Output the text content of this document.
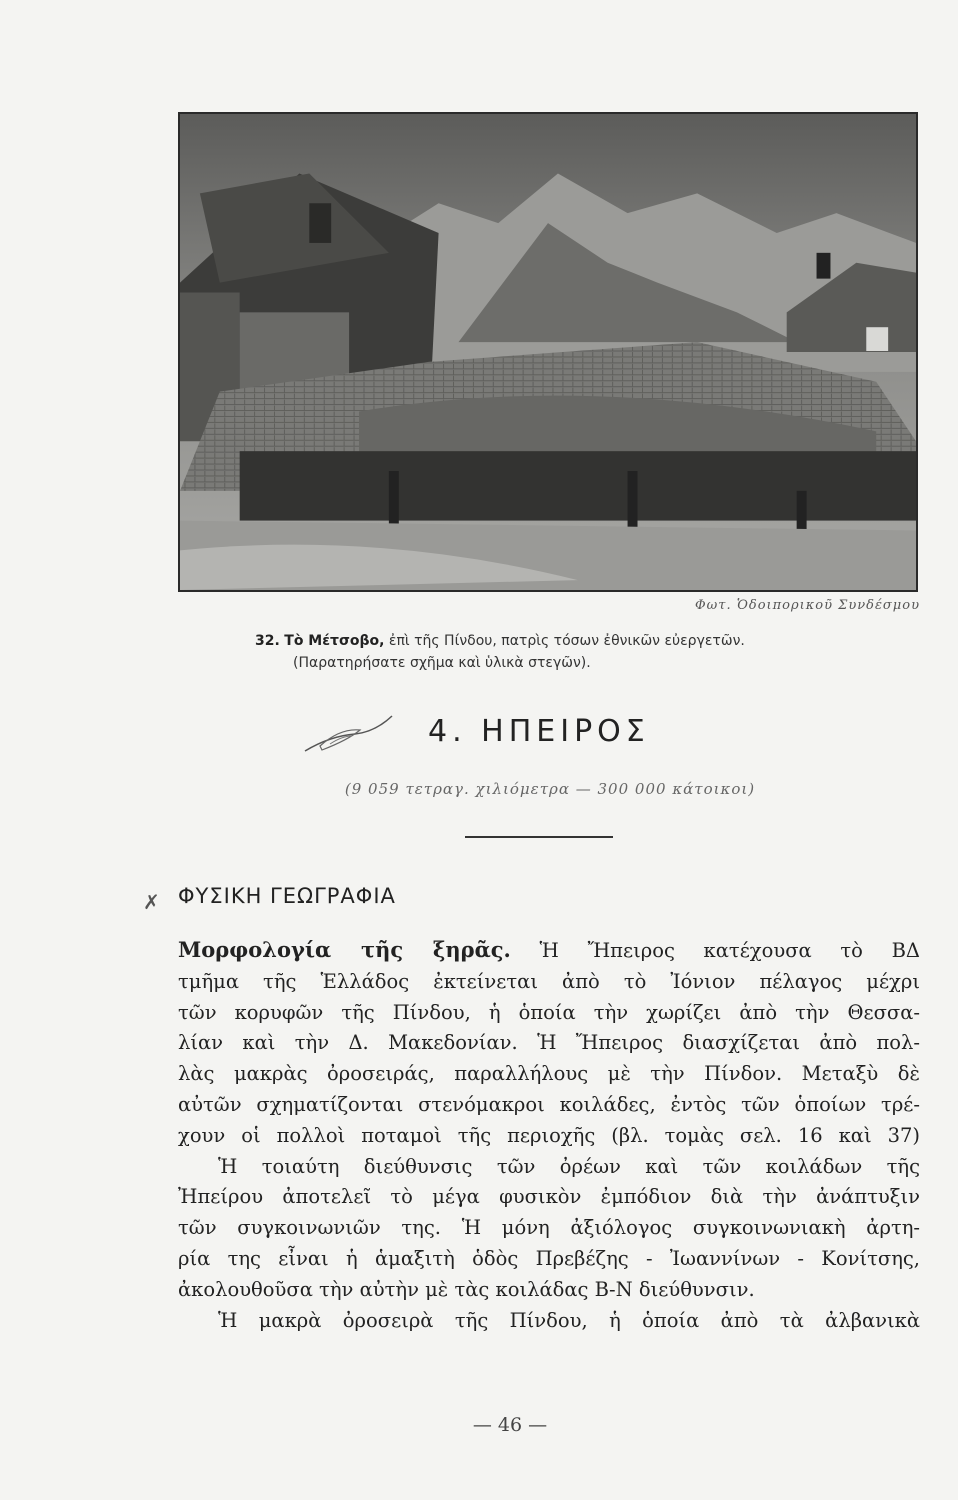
Φωτ. Ὁδοιπορικοῦ Συνδέσμου
32. Τὸ Μέτσοβο, ἐπὶ τῆς Πίνδου, πατρὶς τόσων ἐθνικῶν εὐεργετῶν.
(Παρατηρήσατε σχῆμα καὶ ὑλικὰ στεγῶν).
4. ΗΠΕΙΡΟΣ
(9 059 τετραγ. χιλιόμετρα — 300 000 κάτοικοι)
✗ ΦΥΣΙΚΗ ΓΕΩΓΡΑΦΙΑ
Μορφολογία τῆς ξηρᾶς. Ἡ Ἤπειρος κατέχουσα τὸ ΒΔ
τμῆμα τῆς Ἑλλάδος ἐκτείνεται ἀπὸ τὸ Ἰόνιον πέλαγος μέχρι
τῶν κορυφῶν τῆς Πίνδου, ἡ ὁποία τὴν χωρίζει ἀπὸ τὴν Θεσσα-
λίαν καὶ τὴν Δ. Μακεδονίαν. Ἡ Ἤπειρος διασχίζεται ἀπὸ πολ-
λὰς μακρὰς ὀροσειράς, παραλλήλους μὲ τὴν Πίνδον. Μεταξὺ δὲ
αὐτῶν σχηματίζονται στενόμακροι κοιλάδες, ἐντὸς τῶν ὁποίων τρέ-
χουν οἱ πολλοὶ ποταμοὶ τῆς περιοχῆς (βλ. τομὰς σελ. 16 καὶ 37)
Ἡ τοιαύτη διεύθυνσις τῶν ὀρέων καὶ τῶν κοιλάδων τῆς
Ἠπείρου ἀποτελεῖ τὸ μέγα φυσικὸν ἐμπόδιον διὰ τὴν ἀνάπτυξιν
τῶν συγκοινωνιῶν της. Ἡ μόνη ἀξιόλογος συγκοινωνιακὴ ἀρτη-
ρία της εἶναι ἡ ἁμαξιτὴ ὁδὸς Πρεβέζης - Ἰωαννίνων - Κονίτσης,
ἀκολουθοῦσα τὴν αὐτὴν μὲ τὰς κοιλάδας Β-Ν διεύθυνσιν.
Ἡ μακρὰ ὀροσειρὰ τῆς Πίνδου, ἡ ὁποία ἀπὸ τὰ ἀλβανικὰ
— 46 —
